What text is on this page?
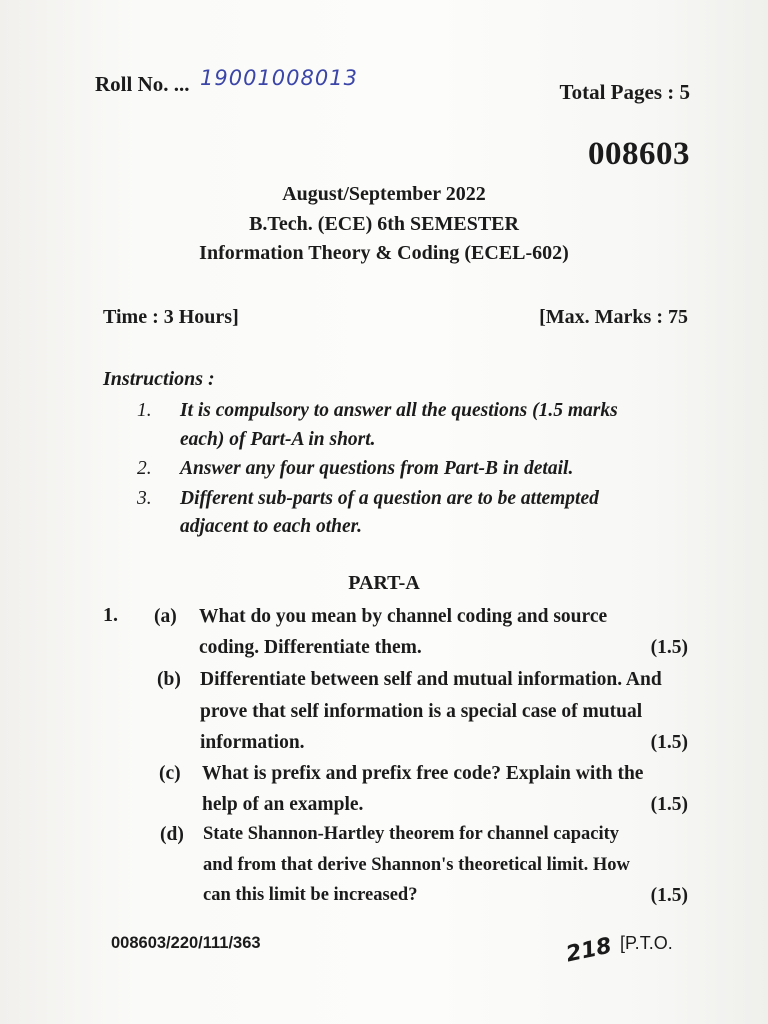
Roll No. ... 19001008013
Total Pages : 5
008603
August/September 2022
B.Tech. (ECE) 6th SEMESTER
Information Theory & Coding (ECEL-602)
Time : 3 Hours]	[Max. Marks : 75
Instructions :
1. It is compulsory to answer all the questions (1.5 marks
each) of Part-A in short.
2. Answer any four questions from Part-B in detail.
3. Different sub-parts of a question are to be attempted
adjacent to each other.
PART-A
1. (a) What do you mean by channel coding and source
coding. Differentiate them.	(1.5)
(b) Differentiate between self and mutual information. And
prove that self information is a special case of mutual
information.	(1.5)
(c) What is prefix and prefix free code? Explain with the
help of an example.	(1.5)
(d) State Shannon-Hartley theorem for channel capacity
and from that derive Shannon's theoretical limit. How
can this limit be increased?	(1.5)
008603/220/111/363	218 [P.T.O.
